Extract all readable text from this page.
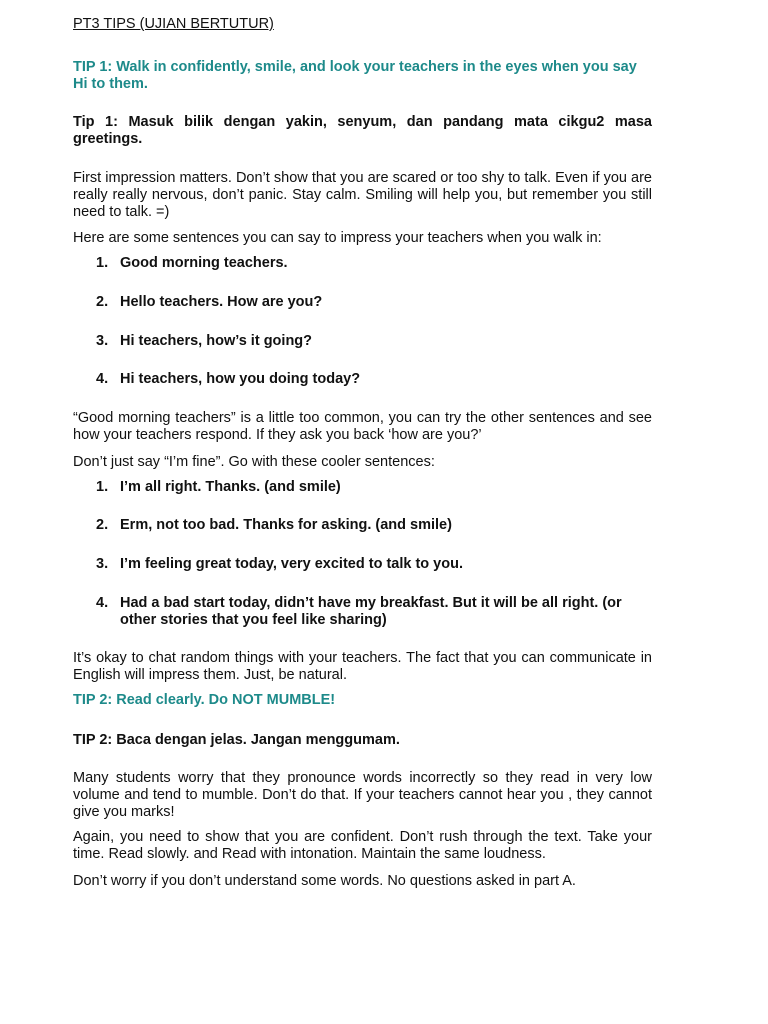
PT3 TIPS (UJIAN BERTUTUR)

TIP 1: Walk in confidently, smile, and look your teachers in the eyes when you say Hi to them.

Tip 1: Masuk bilik dengan yakin, senyum, dan pandang mata cikgu2 masa greetings.

First impression matters. Don’t show that you are scared or too shy to talk. Even if you are really really nervous, don’t panic. Stay calm. Smiling will help you, but remember you still need to talk. =)

Here are some sentences you can say to impress your teachers when you walk in:

1. Good morning teachers.
2. Hello teachers. How are you?
3. Hi teachers, how’s it going?
4. Hi teachers, how you doing today?

“Good morning teachers” is a little too common, you can try the other sentences and see how your teachers respond. If they ask you back ‘how are you?’

Don’t just say “I’m fine”. Go with these cooler sentences:

1. I’m all right. Thanks. (and smile)
2. Erm, not too bad. Thanks for asking. (and smile)
3. I’m feeling great today, very excited to talk to you.
4. Had a bad start today, didn’t have my breakfast. But it will be all right. (or other stories that you feel like sharing)

It’s okay to chat random things with your teachers. The fact that you can communicate in English will impress them. Just, be natural.

TIP 2: Read clearly. Do NOT MUMBLE!

TIP 2: Baca dengan jelas. Jangan menggumam.

Many students worry that they pronounce words incorrectly so they read in very low volume and tend to mumble. Don’t do that. If your teachers cannot hear you , they cannot give you marks!

Again, you need to show that you are confident. Don’t rush through the text. Take your time. Read slowly. and Read with intonation. Maintain the same loudness.

Don’t worry if you don’t understand some words. No questions asked in part A.
